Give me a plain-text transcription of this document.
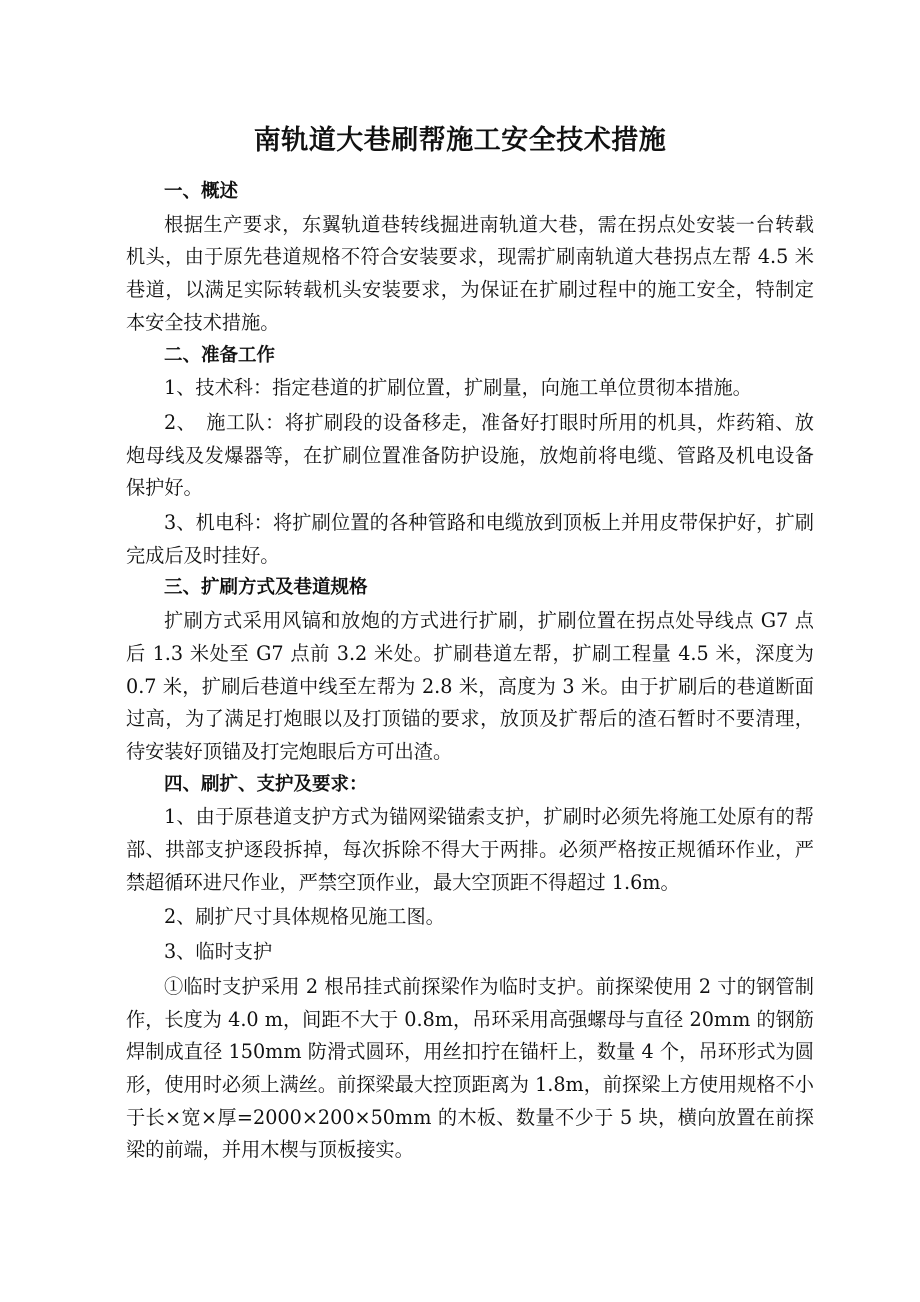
南轨道大巷刷帮施工安全技术措施

一、概述

根据生产要求，东翼轨道巷转线掘进南轨道大巷，需在拐点处安装一台转载机头，由于原先巷道规格不符合安装要求，现需扩刷南轨道大巷拐点左帮 4.5 米巷道，以满足实际转载机头安装要求，为保证在扩刷过程中的施工安全，特制定本安全技术措施。

二、准备工作

1、技术科：指定巷道的扩刷位置，扩刷量，向施工单位贯彻本措施。

2、　施工队：将扩刷段的设备移走，准备好打眼时所用的机具，炸药箱、放炮母线及发爆器等，在扩刷位置准备防护设施，放炮前将电缆、管路及机电设备保护好。

3、机电科：将扩刷位置的各种管路和电缆放到顶板上并用皮带保护好，扩刷完成后及时挂好。

三、扩刷方式及巷道规格

扩刷方式采用风镐和放炮的方式进行扩刷，扩刷位置在拐点处导线点 G7 点后 1.3 米处至 G7 点前 3.2 米处。扩刷巷道左帮，扩刷工程量 4.5 米，深度为 0.7 米，扩刷后巷道中线至左帮为 2.8 米，高度为 3 米。由于扩刷后的巷道断面过高，为了满足打炮眼以及打顶锚的要求，放顶及扩帮后的渣石暂时不要清理，待安装好顶锚及打完炮眼后方可出渣。

四、刷扩、支护及要求：

1、由于原巷道支护方式为锚网梁锚索支护，扩刷时必须先将施工处原有的帮部、拱部支护逐段拆掉，每次拆除不得大于两排。必须严格按正规循环作业，严禁超循环进尺作业，严禁空顶作业，最大空顶距不得超过 1.6m。

2、刷扩尺寸具体规格见施工图。

3、临时支护

①临时支护采用 2 根吊挂式前探梁作为临时支护。前探梁使用 2 寸的钢管制作，长度为 4.0 m，间距不大于 0.8m，吊环采用高强螺母与直径 20mm 的钢筋焊制成直径 150mm 防滑式圆环，用丝扣拧在锚杆上，数量 4 个，吊环形式为圆形，使用时必须上满丝。前探梁最大控顶距离为 1.8m，前探梁上方使用规格不小于长×宽×厚=2000×200×50mm 的木板、数量不少于 5 块，横向放置在前探梁的前端，并用木楔与顶板接实。
